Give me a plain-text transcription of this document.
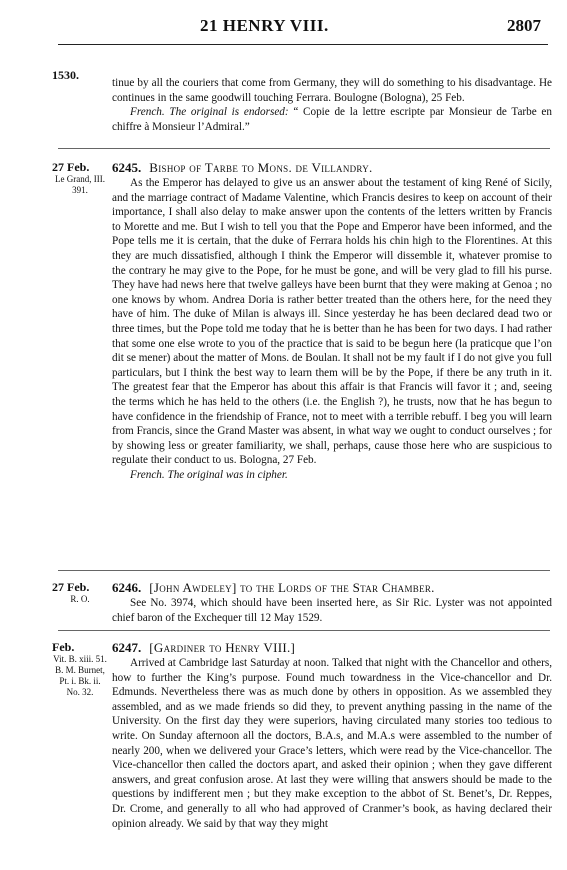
21 HENRY VIII.	2807
1530.

tinue by all the couriers that come from Germany, they will do something to his disadvantage. He continues in the same goodwill touching Ferrara. Boulogne (Bologna), 25 Feb.

French. The original is endorsed: “ Copie de la lettre escripte par Monsieur de Tarbe en chiffre à Monsieur l’Admiral.”

27 Feb.
Le Grand, III. 391.

6245. Bishop of Tarbe to Mons. de Villandry.

As the Emperor has delayed to give us an answer about the testament of king René of Sicily, and the marriage contract of Madame Valentine, which Francis desires to keep on account of their importance, I shall also delay to make answer upon the contents of the letters written by Francis to Morette and me. But I wish to tell you that the Pope and Emperor have been informed, and the Pope tells me it is certain, that the duke of Ferrara holds his chin high to the Florentines. At this they are much dissatisfied, although I think the Emperor will dissemble it, whatever promise to the contrary he may give to the Pope, for he must be gone, and will be very glad to fill his purse. They have had news here that twelve galleys have been burnt that they were making at Genoa ; no one knows by whom. Andrea Doria is rather better treated than the others here, for the need they have of him. The duke of Milan is always ill. Since yesterday he has been declared dead two or three times, but the Pope told me today that he is better than he has been for two days. I had rather that some one else wrote to you of the practice that is said to be begun here (la praticque que l’on dit se mener) about the matter of Mons. de Boulan. It shall not be my fault if I do not give you full particulars, but I think the best way to learn them will be by the Pope, if there be any truth in it. The greatest fear that the Emperor has about this affair is that Francis will favor it ; and, seeing the terms which he has held to the others (i.e. the English ?), he trusts, now that he has begun to have confidence in the friendship of France, not to meet with a terrible rebuff. I beg you will learn from Francis, since the Grand Master was absent, in what way we ought to conduct ourselves ; for by showing less or greater familiarity, we shall, perhaps, cause those here who are suspicious to regulate their conduct to us. Bologna, 27 Feb.

French. The original was in cipher.

27 Feb.
R. O.

6246. [John Awdeley] to the Lords of the Star Chamber.

See No. 3974, which should have been inserted here, as Sir Ric. Lyster was not appointed chief baron of the Exchequer till 12 May 1529.

Feb.
Vit. B. xiii. 51. B. M. Burnet, Pt. i. Bk. ii. No. 32.

6247. [Gardiner to Henry VIII.]

Arrived at Cambridge last Saturday at noon. Talked that night with the Chancellor and others, how to further the King’s purpose. Found much towardness in the Vice-chancellor and Dr. Edmunds. Nevertheless there was as much done by others in opposition. As we assembled they assembled, and as we made friends so did they, to prevent anything passing in the name of the University. On the first day they were superiors, having circulated many stories too tedious to write. On Sunday afternoon all the doctors, B.A.s, and M.A.s were assembled to the number of nearly 200, when we delivered your Grace’s letters, which were read by the Vice-chancellor. The Vice-chancellor then called the doctors apart, and asked their opinion ; when they gave different answers, and great confusion arose. At last they were willing that answers should be made to the questions by indifferent men ; but they make exception to the abbot of St. Benet’s, Dr. Reppes, Dr. Crome, and generally to all who had approved of Cranmer’s book, as having declared their opinion already. We said by that way they might
